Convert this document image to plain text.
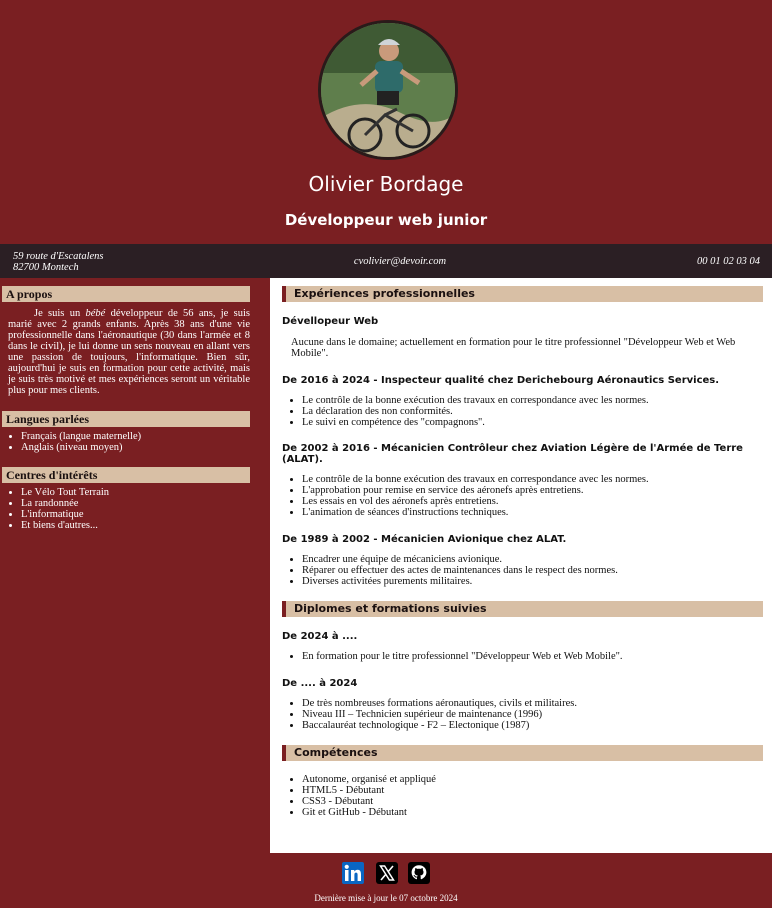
Olivier Bordage
Développeur web junior
59 route d'Escatalens
82700 Montech
cvolivier@devoir.com	00 01 02 03 04
A propos
Je suis un bébé développeur de 56 ans, je suis marié avec 2 grands enfants. Après 38 ans d'une vie professionnelle dans l'aéronautique (30 dans l'armée et 8 dans le civil), je lui donne un sens nouveau en allant vers une passion de toujours, l'informatique. Bien sûr, aujourd'hui je suis en formation pour cette activité, mais je suis très motivé et mes expériences seront un véritable plus pour mes clients.
Langues parlées
• Français (langue maternelle)
• Anglais (niveau moyen)
Centres d'intérêts
• Le Vélo Tout Terrain
• La randonnée
• L'informatique
• Et biens d'autres...
Expériences professionnelles
Dévellopeur Web
Aucune dans le domaine; actuellement en formation pour le titre professionnel "Développeur Web et Web Mobile".
De 2016 à 2024 - Inspecteur qualité chez Derichebourg Aéronautics Services.
• Le contrôle de la bonne exécution des travaux en correspondance avec les normes.
• La déclaration des non conformités.
• Le suivi en compétence des "compagnons".
De 2002 à 2016 - Mécanicien Contrôleur chez Aviation Légère de l'Armée de Terre (ALAT).
• Le contrôle de la bonne exécution des travaux en correspondance avec les normes.
• L'approbation pour remise en service des aéronefs après entretiens.
• Les essais en vol des aéronefs après entretiens.
• L'animation de séances d'instructions techniques.
De 1989 à 2002 - Mécanicien Avionique chez ALAT.
• Encadrer une équipe de mécaniciens avionique.
• Réparer ou effectuer des actes de maintenances dans le respect des normes.
• Diverses activitées purements militaires.
Diplomes et formations suivies
De 2024 à ....
• En formation pour le titre professionnel "Développeur Web et Web Mobile".
De .... à 2024
• De très nombreuses formations aéronautiques, civils et militaires.
• Niveau III – Technicien supérieur de maintenance (1996)
• Baccalauréat technologique - F2 – Electonique (1987)
Compétences
• Autonome, organisé et appliqué
• HTML5 - Débutant
• CSS3 - Débutant
• Git et GitHub - Débutant
Dernière mise à jour le 07 octobre 2024
